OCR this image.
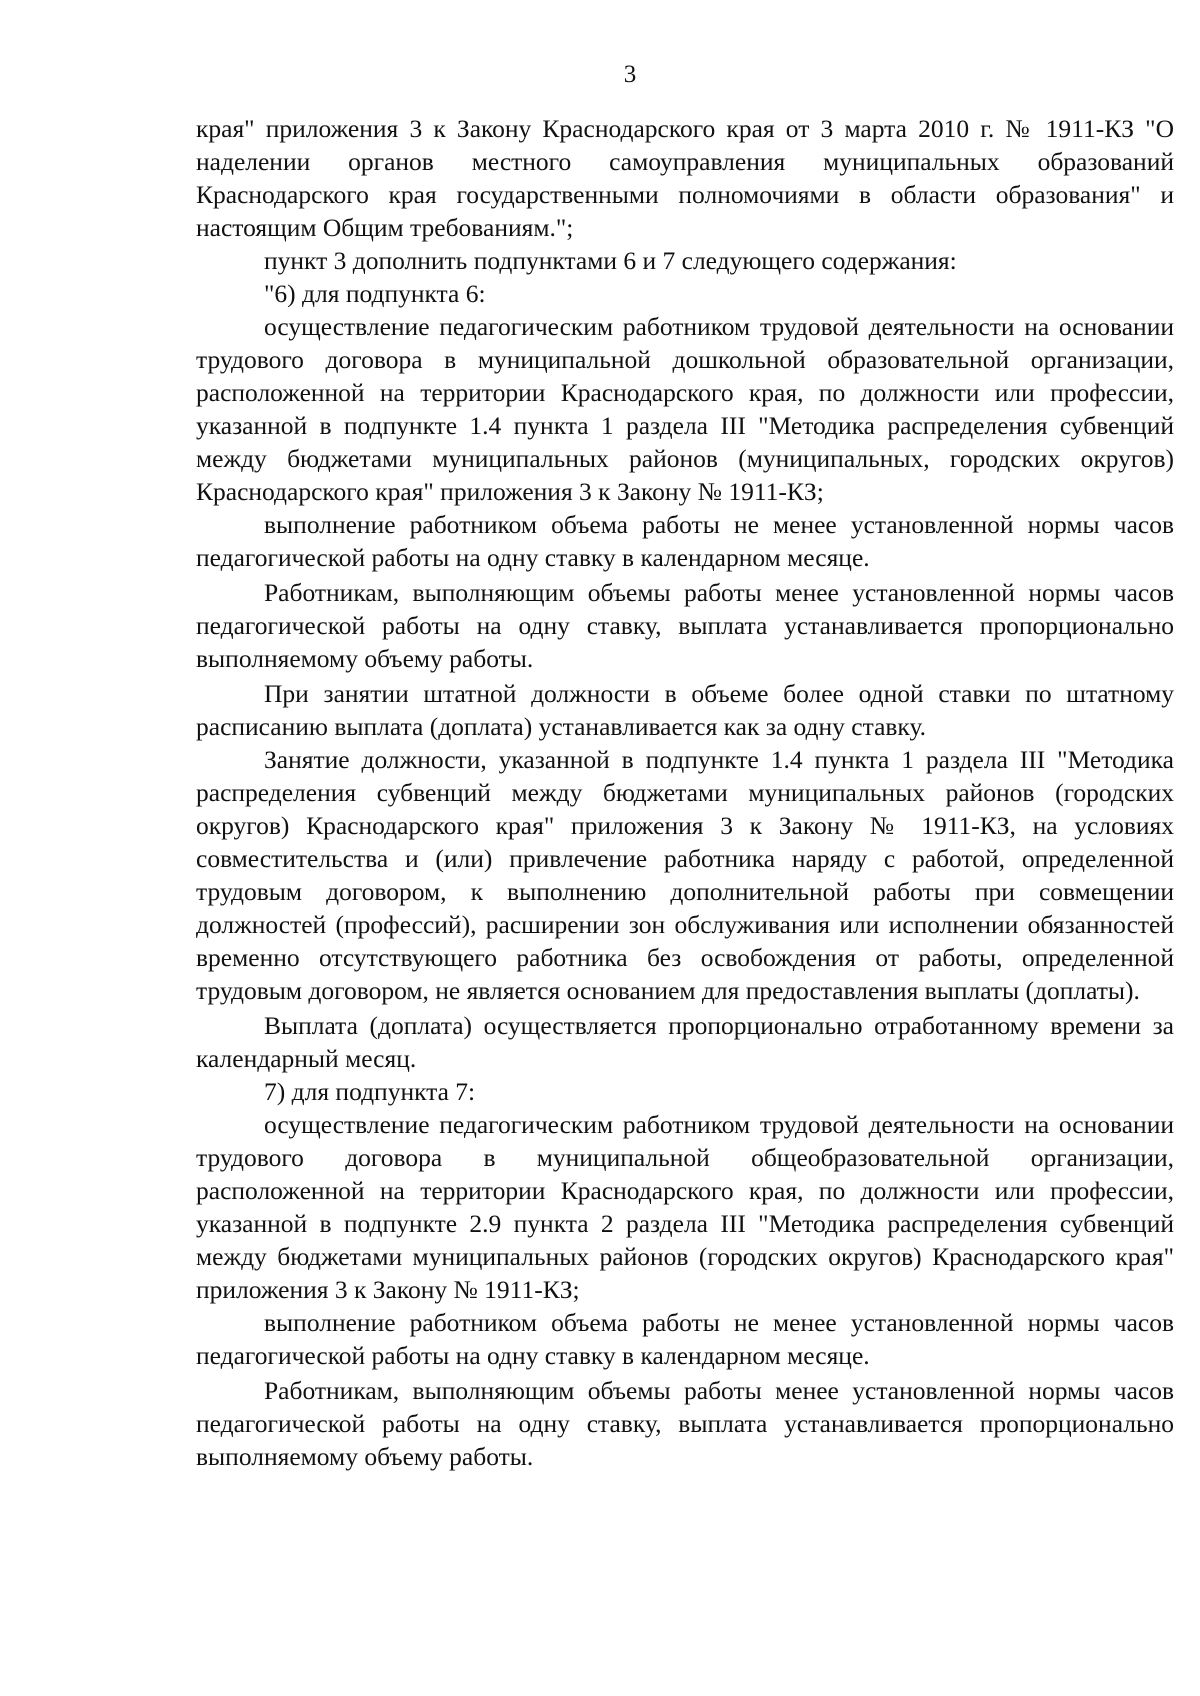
3

края" приложения 3 к Закону Краснодарского края от 3 марта 2010 г. № 1911-КЗ "О наделении органов местного самоуправления муниципальных образований Краснодарского края государственными полномочиями в области образования" и настоящим Общим требованиям.";

пункт 3 дополнить подпунктами 6 и 7 следующего содержания:

"6) для подпункта 6:

осуществление педагогическим работником трудовой деятельности на основании трудового договора в муниципальной дошкольной образовательной организации, расположенной на территории Краснодарского края, по должности или профессии, указанной в подпункте 1.4 пункта 1 раздела III "Методика распределения субвенций между бюджетами муниципальных районов (муниципальных, городских округов) Краснодарского края" приложения 3 к Закону № 1911-КЗ;

выполнение работником объема работы не менее установленной нормы часов педагогической работы на одну ставку в календарном месяце.

Работникам, выполняющим объемы работы менее установленной нормы часов педагогической работы на одну ставку, выплата устанавливается пропорционально выполняемому объему работы.

При занятии штатной должности в объеме более одной ставки по штатному расписанию выплата (доплата) устанавливается как за одну ставку.

Занятие должности, указанной в подпункте 1.4 пункта 1 раздела III "Методика распределения субвенций между бюджетами муниципальных районов (городских округов) Краснодарского края" приложения 3 к Закону № 1911-КЗ, на условиях совместительства и (или) привлечение работника наряду с работой, определенной трудовым договором, к выполнению дополнительной работы при совмещении должностей (профессий), расширении зон обслуживания или исполнении обязанностей временно отсутствующего работника без освобождения от работы, определенной трудовым договором, не является основанием для предоставления выплаты (доплаты).

Выплата (доплата) осуществляется пропорционально отработанному времени за календарный месяц.

7) для подпункта 7:

осуществление педагогическим работником трудовой деятельности на основании трудового договора в муниципальной общеобразовательной организации, расположенной на территории Краснодарского края, по должности или профессии, указанной в подпункте 2.9 пункта 2 раздела III "Методика распределения субвенций между бюджетами муниципальных районов (городских округов) Краснодарского края" приложения 3 к Закону № 1911-КЗ;

выполнение работником объема работы не менее установленной нормы часов педагогической работы на одну ставку в календарном месяце.

Работникам, выполняющим объемы работы менее установленной нормы часов педагогической работы на одну ставку, выплата устанавливается пропорционально выполняемому объему работы.
